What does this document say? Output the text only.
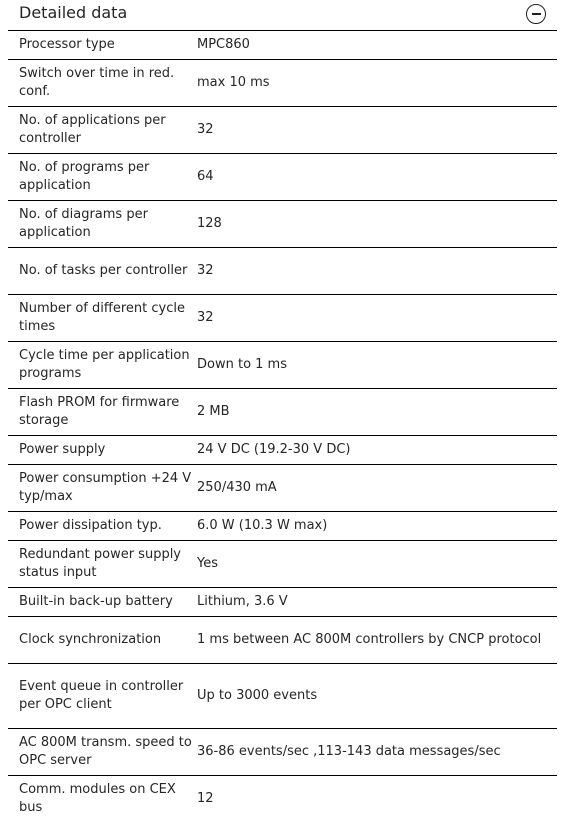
Detailed data
Processor type	MPC860
Switch over time in red. conf.	max 10 ms
No. of applications per controller	32
No. of programs per application	64
No. of diagrams per application	128
No. of tasks per controller	32
Number of different cycle times	32
Cycle time per application programs	Down to 1 ms
Flash PROM for firmware storage	2 MB
Power supply	24 V DC (19.2-30 V DC)
Power consumption +24 V typ/max	250/430 mA
Power dissipation typ.	6.0 W (10.3 W max)
Redundant power supply status input	Yes
Built-in back-up battery	Lithium, 3.6 V
Clock synchronization	1 ms between AC 800M controllers by CNCP protocol
Event queue in controller per OPC client	Up to 3000 events
AC 800M transm. speed to OPC server	36-86 events/sec ,113-143 data messages/sec
Comm. modules on CEX bus	12
